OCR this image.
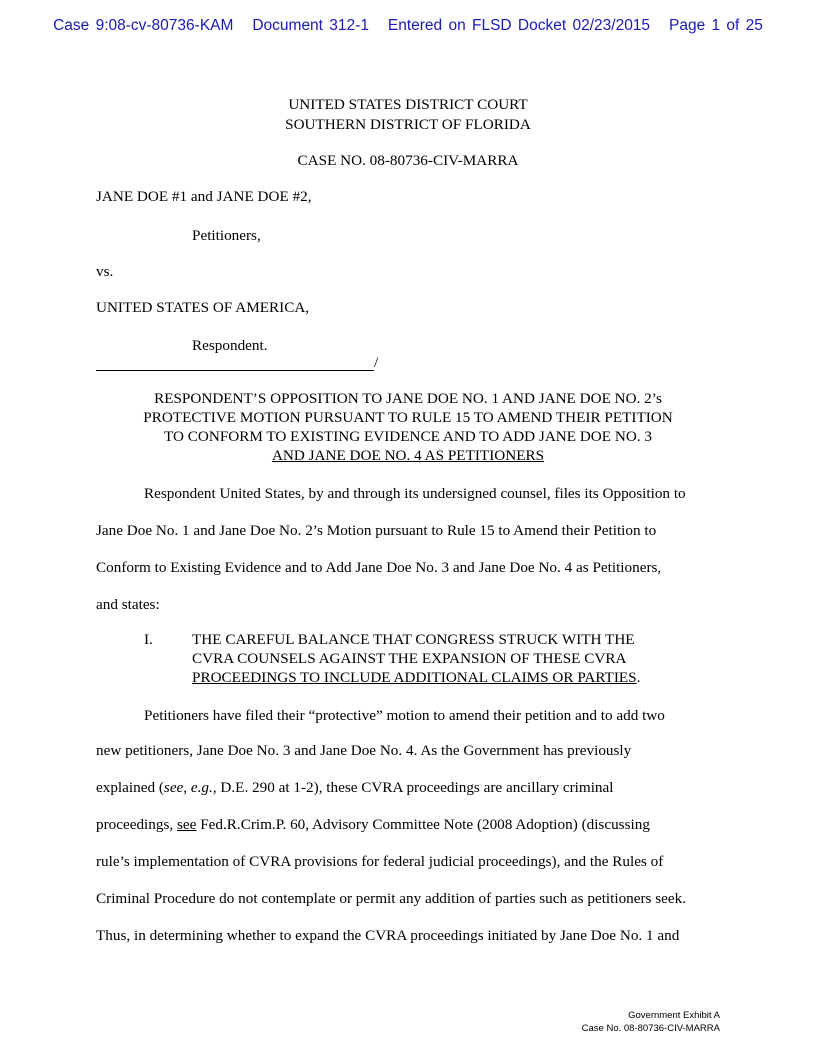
Case 9:08-cv-80736-KAM Document 312-1 Entered on FLSD Docket 02/23/2015 Page 1 of 25
UNITED STATES DISTRICT COURT
SOUTHERN DISTRICT OF FLORIDA
CASE NO. 08-80736-CIV-MARRA
JANE DOE #1 and JANE DOE #2,
Petitioners,
vs.
UNITED STATES OF AMERICA,
Respondent.
/
RESPONDENT’S OPPOSITION TO JANE DOE NO. 1 AND JANE DOE NO. 2’s
PROTECTIVE MOTION PURSUANT TO RULE 15 TO AMEND THEIR PETITION
TO CONFORM TO EXISTING EVIDENCE AND TO ADD JANE DOE NO. 3
AND JANE DOE NO. 4 AS PETITIONERS
Respondent United States, by and through its undersigned counsel, files its Opposition to
Jane Doe No. 1 and Jane Doe No. 2’s Motion pursuant to Rule 15 to Amend their Petition to
Conform to Existing Evidence and to Add Jane Doe No. 3 and Jane Doe No. 4 as Petitioners,
and states:
I.	THE CAREFUL BALANCE THAT CONGRESS STRUCK WITH THE
CVRA COUNSELS AGAINST THE EXPANSION OF THESE CVRA
PROCEEDINGS TO INCLUDE ADDITIONAL CLAIMS OR PARTIES.
Petitioners have filed their “protective” motion to amend their petition and to add two
new petitioners, Jane Doe No. 3 and Jane Doe No. 4. As the Government has previously
explained (see, e.g., D.E. 290 at 1-2), these CVRA proceedings are ancillary criminal
proceedings, see Fed.R.Crim.P. 60, Advisory Committee Note (2008 Adoption) (discussing
rule’s implementation of CVRA provisions for federal judicial proceedings), and the Rules of
Criminal Procedure do not contemplate or permit any addition of parties such as petitioners seek.
Thus, in determining whether to expand the CVRA proceedings initiated by Jane Doe No. 1 and
Government Exhibit A
Case No. 08-80736-CIV-MARRA
